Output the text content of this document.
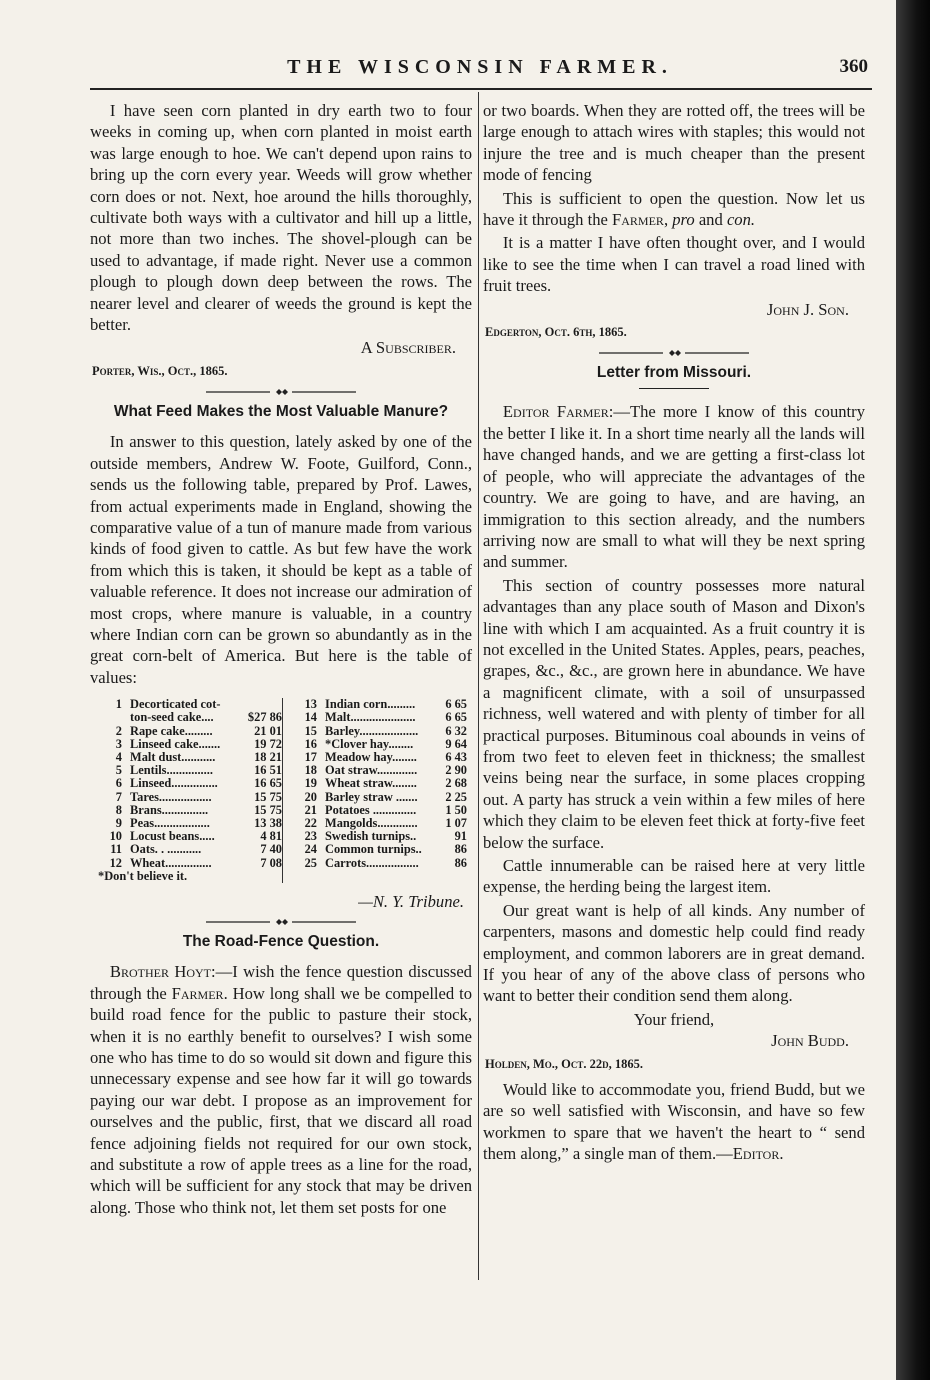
THE WISCONSIN FARMER.	360

I have seen corn planted in dry earth two to four weeks in coming up, when corn planted in moist earth was large enough to hoe. We can't depend upon rains to bring up the corn every year. Weeds will grow whether corn does or not. Next, hoe around the hills thoroughly, cultivate both ways with a cultivator and hill up a little, not more than two inches. The shovel-plough can be used to advantage, if made right. Never use a common plough to plough down deep between the rows. The nearer level and clearer of weeds the ground is kept the better.

A Subscriber.

Porter, Wis., Oct., 1865.

What Feed Makes the Most Valuable Manure?

In answer to this question, lately asked by one of the outside members, Andrew W. Foote, Guilford, Conn., sends us the following table, prepared by Prof. Lawes, from actual experiments made in England, showing the comparative value of a tun of manure made from various kinds of food given to cattle. As but few have the work from which this is taken, it should be kept as a table of valuable reference. It does not increase our admiration of most crops, where manure is valuable, in a country where Indian corn can be grown so abundantly as in the great corn-belt of America. But here is the table of values:

1 Decorticated cot-
ton-seed cake....	$27 86
2 Rape cake.........	21 01
3 Linseed cake.......	19 72
4 Malt dust...........	18 21
5 Lentils...............	16 51
6 Linseed...............	16 65
7 Tares.................	15 75
8 Brans...............	15 75
9 Peas..................	13 38
10 Locust beans.....	4 81
11 Oats. . ...........	7 40
12 Wheat...............	7 08
*Don't believe it.
13 Indian corn.........	6 65
14 Malt.....................	6 65
15 Barley...................	6 32
16 *Clover hay........	9 64
17 Meadow hay........	6 43
18 Oat straw.............	2 90
19 Wheat straw........	2 68
20 Barley straw .......	2 25
21 Potatoes ..............	1 50
22 Mangolds.............	1 07
23 Swedish turnips..	91
24 Common turnips..	86
25 Carrots.................	86

—N. Y. Tribune.

The Road-Fence Question.

Brother Hoyt:—I wish the fence question discussed through the Farmer. How long shall we be compelled to build road fence for the public to pasture their stock, when it is no earthly benefit to ourselves? I wish some one who has time to do so would sit down and figure this unnecessary expense and see how far it will go towards paying our war debt. I propose as an improvement for ourselves and the public, first, that we discard all road fence adjoining fields not required for our own stock, and substitute a row of apple trees as a line for the road, which will be sufficient for any stock that may be driven along. Those who think not, let them set posts for one

or two boards. When they are rotted off, the trees will be large enough to attach wires with staples; this would not injure the tree and is much cheaper than the present mode of fencing

This is sufficient to open the question. Now let us have it through the Farmer, pro and con.

It is a matter I have often thought over, and I would like to see the time when I can travel a road lined with fruit trees.

John J. Son.

Edgerton, Oct. 6th, 1865.

Letter from Missouri.

Editor Farmer:—The more I know of this country the better I like it. In a short time nearly all the lands will have changed hands, and we are getting a first-class lot of people, who will appreciate the advantages of the country. We are going to have, and are having, an immigration to this section already, and the numbers arriving now are small to what will they be next spring and summer.

This section of country possesses more natural advantages than any place south of Mason and Dixon's line with which I am acquainted. As a fruit country it is not excelled in the United States. Apples, pears, peaches, grapes, &c., &c., are grown here in abundance. We have a magnificent climate, with a soil of unsurpassed richness, well watered and with plenty of timber for all practical purposes. Bituminous coal abounds in veins of from two feet to eleven feet in thickness; the smallest veins being near the surface, in some places cropping out. A party has struck a vein within a few miles of here which they claim to be eleven feet thick at forty-five feet below the surface.

Cattle innumerable can be raised here at very little expense, the herding being the largest item.

Our great want is help of all kinds. Any number of carpenters, masons and domestic help could find ready employment, and common laborers are in great demand. If you hear of any of the above class of persons who want to better their condition send them along.

Your friend,

John Budd.

Holden, Mo., Oct. 22d, 1865.

Would like to accommodate you, friend Budd, but we are so well satisfied with Wisconsin, and have so few workmen to spare that we haven't the heart to “ send them along,” a single man of them.—Editor.
